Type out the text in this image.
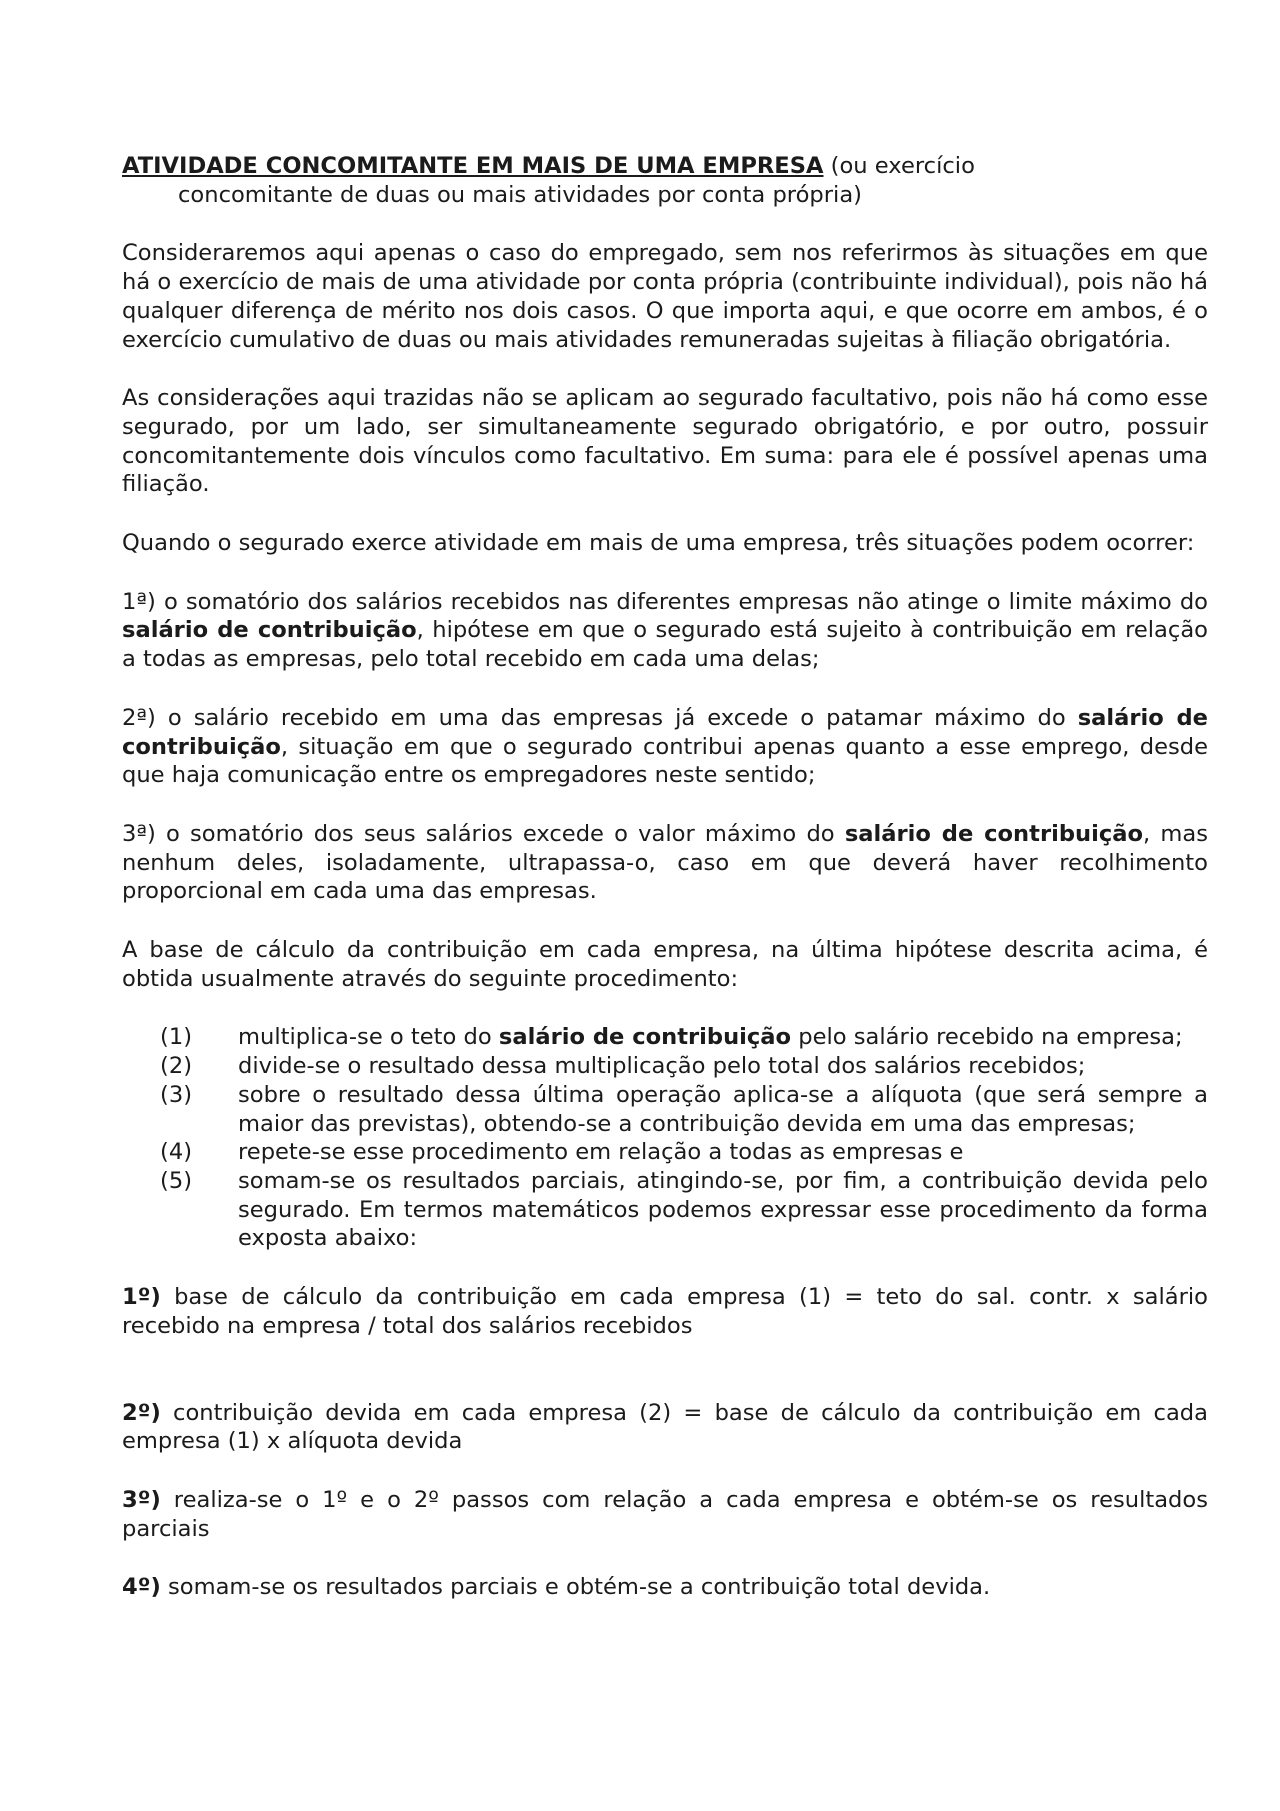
ATIVIDADE CONCOMITANTE EM MAIS DE UMA EMPRESA (ou exercício
concomitante de duas ou mais atividades por conta própria)

Consideraremos aqui apenas o caso do empregado, sem nos referirmos às situações em que há o exercício de mais de uma atividade por conta própria (contribuinte individual), pois não há qualquer diferença de mérito nos dois casos. O que importa aqui, e que ocorre em ambos, é o exercício cumulativo de duas ou mais atividades remuneradas sujeitas à filiação obrigatória.

As considerações aqui trazidas não se aplicam ao segurado facultativo, pois não há como esse segurado, por um lado, ser simultaneamente segurado obrigatório, e por outro, possuir concomitantemente dois vínculos como facultativo. Em suma: para ele é possível apenas uma filiação.

Quando o segurado exerce atividade em mais de uma empresa, três situações podem ocorrer:

1ª) o somatório dos salários recebidos nas diferentes empresas não atinge o limite máximo do salário de contribuição, hipótese em que o segurado está sujeito à contribuição em relação a todas as empresas, pelo total recebido em cada uma delas;

2ª) o salário recebido em uma das empresas já excede o patamar máximo do salário de contribuição, situação em que o segurado contribui apenas quanto a esse emprego, desde que haja comunicação entre os empregadores neste sentido;

3ª) o somatório dos seus salários excede o valor máximo do salário de contribuição, mas nenhum deles, isoladamente, ultrapassa-o, caso em que deverá haver recolhimento proporcional em cada uma das empresas.

A base de cálculo da contribuição em cada empresa, na última hipótese descrita acima, é obtida usualmente através do seguinte procedimento:

(1) multiplica-se o teto do salário de contribuição pelo salário recebido na empresa;
(2) divide-se o resultado dessa multiplicação pelo total dos salários recebidos;
(3) sobre o resultado dessa última operação aplica-se a alíquota (que será sempre a maior das previstas), obtendo-se a contribuição devida em uma das empresas;
(4) repete-se esse procedimento em relação a todas as empresas e
(5) somam-se os resultados parciais, atingindo-se, por fim, a contribuição devida pelo segurado. Em termos matemáticos podemos expressar esse procedimento da forma exposta abaixo:

1º) base de cálculo da contribuição em cada empresa (1) = teto do sal. contr. x salário recebido na empresa / total dos salários recebidos

2º) contribuição devida em cada empresa (2) = base de cálculo da contribuição em cada empresa (1) x alíquota devida

3º) realiza-se o 1º e o 2º passos com relação a cada empresa e obtém-se os resultados parciais

4º) somam-se os resultados parciais e obtém-se a contribuição total devida.
